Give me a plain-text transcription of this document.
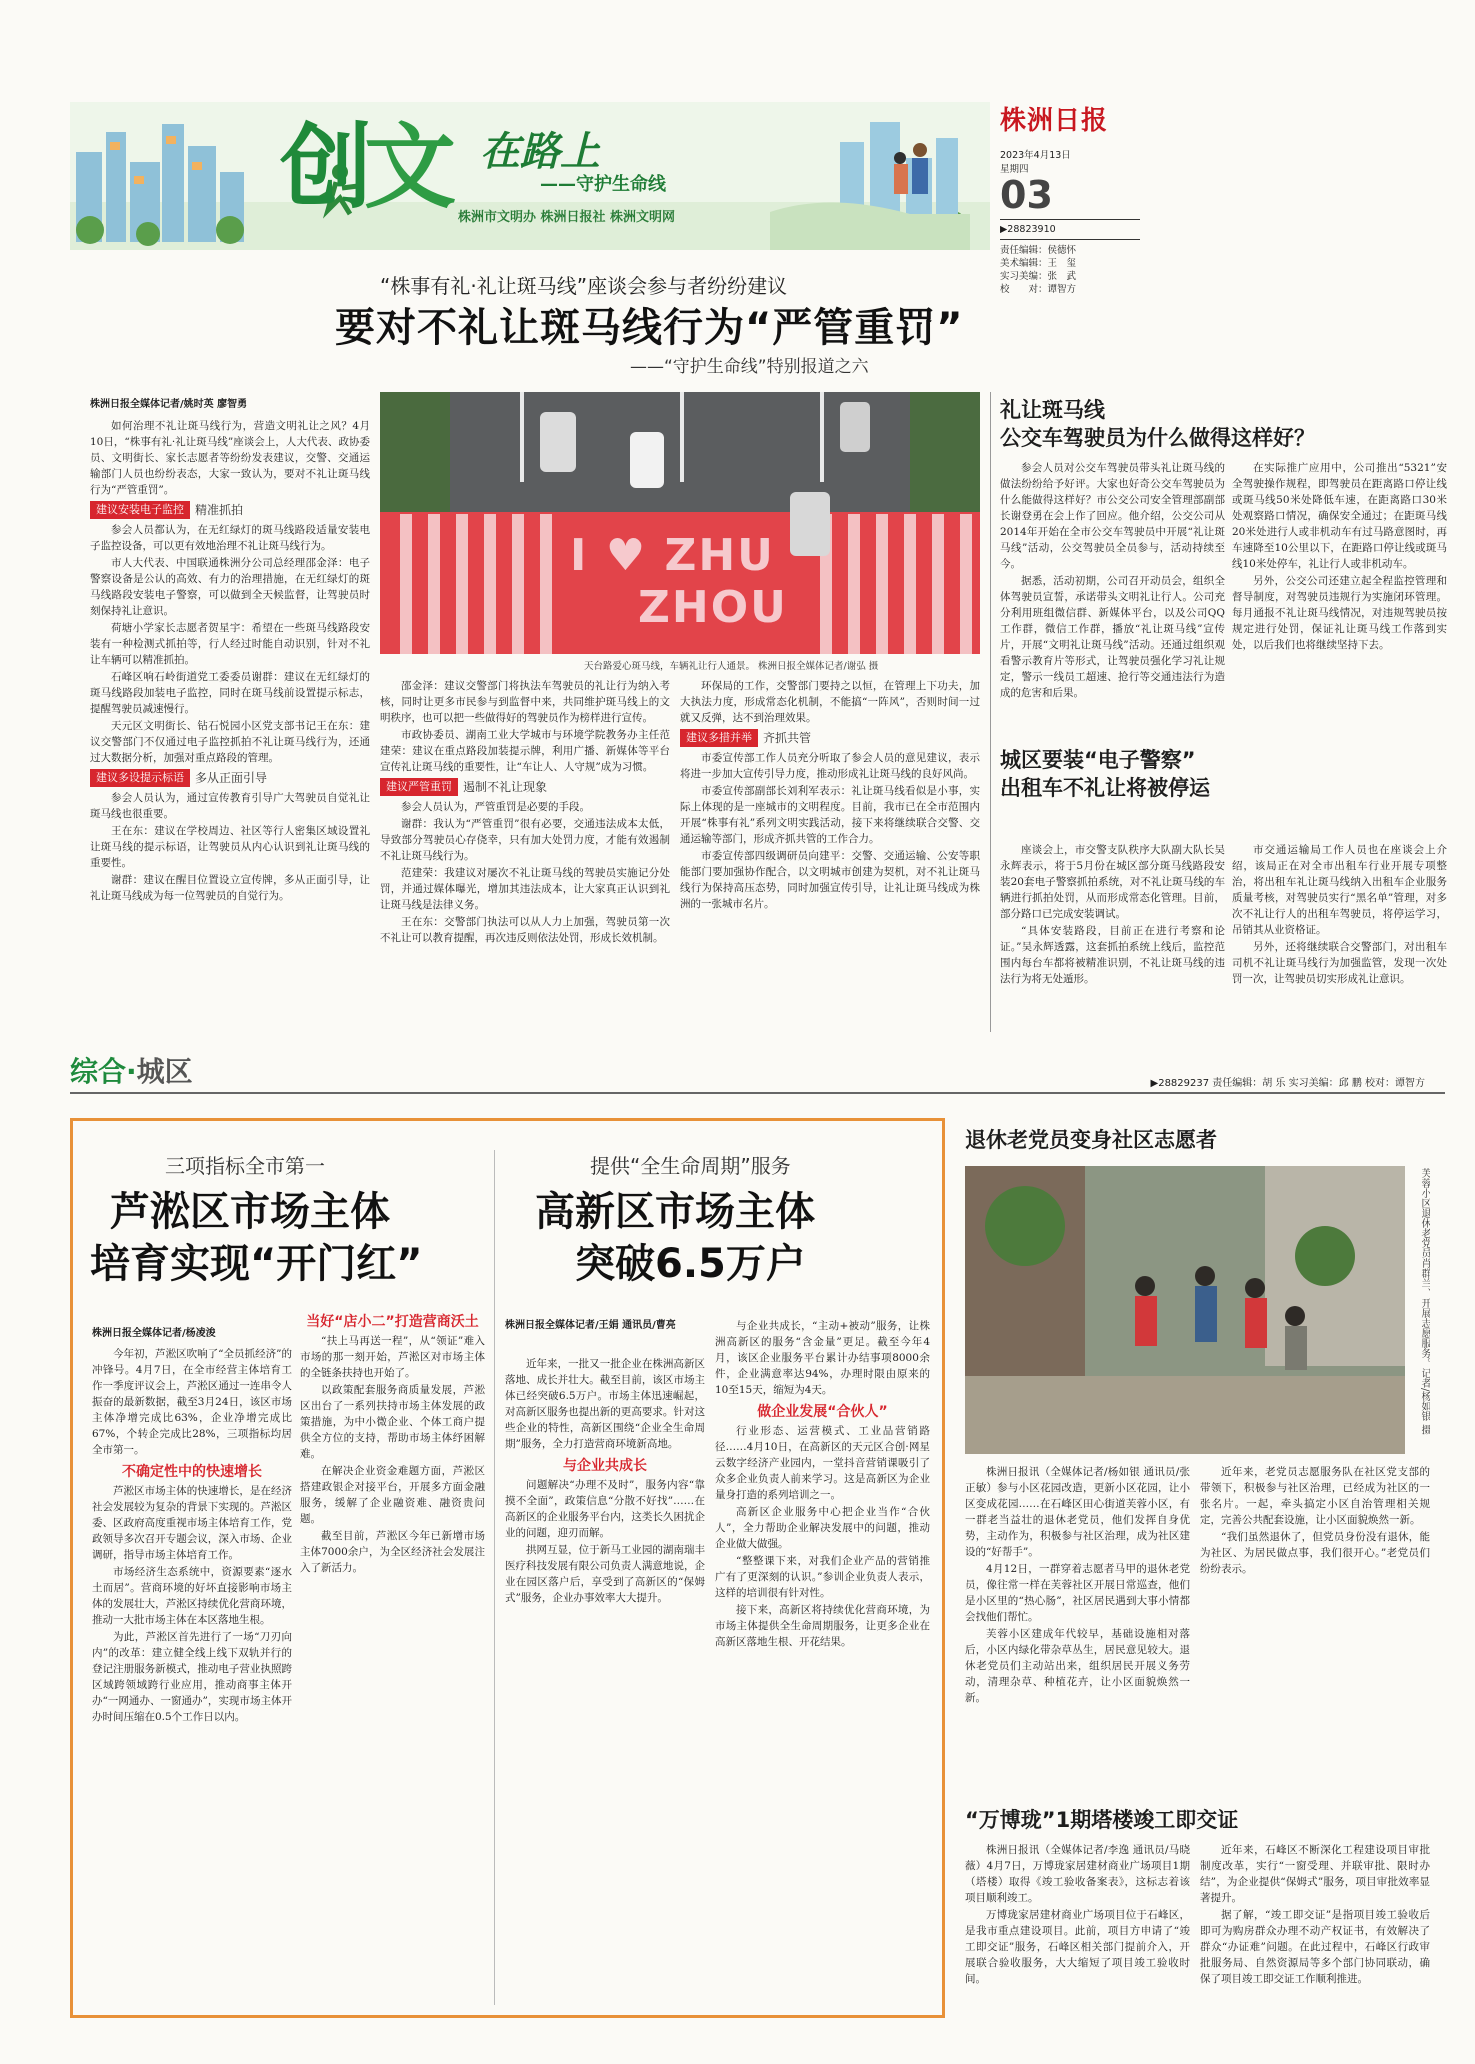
创文 在路上
——守护生命线
株洲市文明办 株洲日报社 株洲文明网
株洲日报
2023年4月13日
星期四
03
▶28823910
责任编辑：侯德怀
美术编辑：王　玺
实习美编：张　武
校　　对：谭智方
“株事有礼·礼让斑马线”座谈会参与者纷纷建议
要对不礼让斑马线行为“严管重罚”
——“守护生命线”特别报道之六
株洲日报全媒体记者/姚时英 廖智勇

如何治理不礼让斑马线行为，营造文明礼让之风？4月10日，“株事有礼·礼让斑马线”座谈会上，人大代表、政协委员、文明街长、家长志愿者等纷纷发表建议，交警、交通运输部门人员也纷纷表态，大家一致认为，要对不礼让斑马线行为“严管重罚”。

建议安装电子监控 精准抓拍

参会人员都认为，在无红绿灯的斑马线路段适量安装电子监控设备，可以更有效地治理不礼让斑马线行为。

市人大代表、中国联通株洲分公司总经理邵金泽：电子警察设备是公认的高效、有力的治理措施，在无红绿灯的斑马线路段安装电子警察，可以做到全天候监督，让驾驶员时刻保持礼让意识。

荷塘小学家长志愿者贺星宇：希望在一些斑马线路段安装有一种检测式抓拍等，行人经过时能自动识别，针对不礼让车辆可以精准抓拍。

石峰区响石岭街道党工委委员谢群：建议在无红绿灯的斑马线路段加装电子监控，同时在斑马线前设置提示标志，提醒驾驶员减速慢行。

天元区文明街长、钻石悦园小区党支部书记王在东：建议交警部门不仅通过电子监控抓拍不礼让斑马线行为，还通过大数据分析，加强对重点路段的管理。

建议多设提示标语 多从正面引导

参会人员认为，通过宣传教育引导广大驾驶员自觉礼让斑马线也很重要。

王在东：建议在学校周边、社区等行人密集区域设置礼让斑马线的提示标语，让驾驶员从内心认识到礼让斑马线的重要性。

谢群：建议在醒目位置设立宣传牌，多从正面引导，让礼让斑马线成为每一位驾驶员的自觉行为。

I ♥ ZHU
ZHOU
天台路爱心斑马线，车辆礼让行人通景。 株洲日报全媒体记者/谢弘 摄

邵金泽：建议交警部门将执法车驾驶员的礼让行为纳入考核，同时让更多市民参与到监督中来，共同维护斑马线上的文明秩序，也可以把一些做得好的驾驶员作为榜样进行宣传。

市政协委员、湖南工业大学城市与环境学院教务办主任范建荣：建议在重点路段加装提示牌，利用广播、新媒体等平台宣传礼让斑马线的重要性，让“车让人、人守规”成为习惯。

建议严管重罚 遏制不礼让现象

参会人员认为，严管重罚是必要的手段。

谢群：我认为“严管重罚”很有必要，交通违法成本太低，导致部分驾驶员心存侥幸，只有加大处罚力度，才能有效遏制不礼让斑马线行为。

范建荣：我建议对屡次不礼让斑马线的驾驶员实施记分处罚，并通过媒体曝光，增加其违法成本，让大家真正认识到礼让斑马线是法律义务。

王在东：交警部门执法可以从人力上加强，驾驶员第一次不礼让可以教育提醒，再次违反则依法处罚，形成长效机制。

环保局的工作，交警部门要持之以恒，在管理上下功夫，加大执法力度，形成常态化机制，不能搞“一阵风”，否则时间一过就又反弹，达不到治理效果。

建议多措并举 齐抓共管

市委宣传部工作人员充分听取了参会人员的意见建议，表示将进一步加大宣传引导力度，推动形成礼让斑马线的良好风尚。

市委宣传部副部长刘利军表示：礼让斑马线看似是小事，实际上体现的是一座城市的文明程度。目前，我市已在全市范围内开展“株事有礼”系列文明实践活动，接下来将继续联合交警、交通运输等部门，形成齐抓共管的工作合力。

市委宣传部四级调研员向建平：交警、交通运输、公安等职能部门要加强协作配合，以文明城市创建为契机，对不礼让斑马线行为保持高压态势，同时加强宣传引导，让礼让斑马线成为株洲的一张城市名片。

礼让斑马线
公交车驾驶员为什么做得这样好？

参会人员对公交车驾驶员带头礼让斑马线的做法纷纷给予好评。大家也好奇公交车驾驶员为什么能做得这样好？市公交公司安全管理部副部长谢登勇在会上作了回应。他介绍，公交公司从2014年开始在全市公交车驾驶员中开展“礼让斑马线”活动，公交驾驶员全员参与，活动持续至今。

据悉，活动初期，公司召开动员会，组织全体驾驶员宣誓，承诺带头文明礼让行人。公司充分利用班组微信群、新媒体平台，以及公司QQ工作群，微信工作群，播放“礼让斑马线”宣传片，开展“文明礼让斑马线”活动。还通过组织观看警示教育片等形式，让驾驶员强化学习礼让规定，警示一线员工超速、抢行等交通违法行为造成的危害和后果。

在实际推广应用中，公司推出“5321”安全驾驶操作规程，即驾驶员在距离路口停让线或斑马线50米处降低车速，在距离路口30米处观察路口情况，确保安全通过；在距斑马线20米处进行人或非机动车有过马路意图时，再车速降至10公里以下，在距路口停让线或斑马线10米处停车，礼让行人或非机动车。

另外，公交公司还建立起全程监控管理和督导制度，对驾驶员违规行为实施闭环管理。每月通报不礼让斑马线情况，对违规驾驶员按规定进行处罚，保证礼让斑马线工作落到实处，以后我们也将继续坚持下去。

城区要装“电子警察”
出租车不礼让将被停运

座谈会上，市交警支队秩序大队副大队长吴永辉表示，将于5月份在城区部分斑马线路段安装20套电子警察抓拍系统，对不礼让斑马线的车辆进行抓拍处罚，从而形成常态化管理。目前，部分路口已完成安装调试。

“具体安装路段，目前正在进行考察和论证。”吴永辉透露，这套抓拍系统上线后，监控范围内每台车都将被精准识别，不礼让斑马线的违法行为将无处遁形。

市交通运输局工作人员也在座谈会上介绍，该局正在对全市出租车行业开展专项整治，将出租车礼让斑马线纳入出租车企业服务质量考核，对驾驶员实行“黑名单”管理，对多次不礼让行人的出租车驾驶员，将停运学习，吊销其从业资格证。

另外，还将继续联合交警部门，对出租车司机不礼让斑马线行为加强监管，发现一次处罚一次，让驾驶员切实形成礼让意识。

综合·城区	▶28829237 责任编辑：胡 乐 实习美编：邱 鹏 校对：谭智方
三项指标全市第一
芦淞区市场主体
培育实现“开门红”
株洲日报全媒体记者/杨凌浚

今年初，芦淞区吹响了“全员抓经济”的冲锋号。4月7日，在全市经营主体培育工作一季度评议会上，芦淞区通过一连串令人振奋的最新数据，截至3月24日，该区市场主体净增完成比63%，企业净增完成比67%，个转企完成比28%，三项指标均居全市第一。

不确定性中的快速增长

芦淞区市场主体的快速增长，是在经济社会发展较为复杂的背景下实现的。芦淞区委、区政府高度重视市场主体培育工作，党政领导多次召开专题会议，深入市场、企业调研，指导市场主体培育工作。

市场经济生态系统中，资源要素“逐水土而居”。营商环境的好坏直接影响市场主体的发展壮大，芦淞区持续优化营商环境，推动一大批市场主体在本区落地生根。

为此，芦淞区首先进行了一场“刀刃向内”的改革：建立健全线上线下双轨并行的登记注册服务新模式，推动电子营业执照跨区域跨领域跨行业应用，推动商事主体开办“一网通办、一窗通办”，实现市场主体开办时间压缩在0.5个工作日以内。

当好“店小二”打造营商沃土

“扶上马再送一程”，从“领证”难入市场的那一刻开始，芦淞区对市场主体的全链条扶持也开始了。

以政策配套服务商质量发展，芦淞区出台了一系列扶持市场主体发展的政策措施，为中小微企业、个体工商户提供全方位的支持，帮助市场主体纾困解难。

在解决企业资金难题方面，芦淞区搭建政银企对接平台，开展多方面金融服务，缓解了企业融资难、融资贵问题。

截至目前，芦淞区今年已新增市场主体7000余户，为全区经济社会发展注入了新活力。

提供“全生命周期”服务
高新区市场主体
突破6.5万户
株洲日报全媒体记者/王娟 通讯员/曹亮

近年来，一批又一批企业在株洲高新区落地、成长并壮大。截至目前，该区市场主体已经突破6.5万户。市场主体迅速崛起，对高新区服务也提出新的更高要求。针对这些企业的特性，高新区围绕“企业全生命周期”服务，全力打造营商环境新高地。

与企业共成长

问题解决“办理不及时”，服务内容“靠摸不全面”，政策信息“分散不好找”……在高新区的企业服务平台内，这类长久困扰企业的问题，迎刃而解。

拱网互显，位于新马工业园的湖南瑞丰医疗科技发展有限公司负责人满意地说，企业在园区落户后，享受到了高新区的“保姆式”服务，企业办事效率大大提升。

与企业共成长，“主动+被动”服务，让株洲高新区的服务“含金量”更足。截至今年4月，该区企业服务平台累计办结事项8000余件，企业满意率达94%，办理时限由原来的10至15天，缩短为4天。

做企业发展“合伙人”

行业形态、运营模式、工业品营销路径……4月10日，在高新区的天元区合创·网星云数字经济产业园内，一堂抖音营销课吸引了众多企业负责人前来学习。这是高新区为企业量身打造的系列培训之一。

高新区企业服务中心把企业当作“合伙人”，全力帮助企业解决发展中的问题，推动企业做大做强。

“整整课下来，对我们企业产品的营销推广有了更深刻的认识。”参训企业负责人表示，这样的培训很有针对性。

接下来，高新区将持续优化营商环境，为市场主体提供全生命周期服务，让更多企业在高新区落地生根、开花结果。

退休老党员变身社区志愿者
芙蓉小区退休老党员肖群兰、开展志愿服务。记者/杨如银 摄

株洲日报讯（全媒体记者/杨如银 通讯员/张正敏）参与小区花园改造，更新小区花园，让小区变成花园……在石峰区田心街道芙蓉小区，有一群老当益壮的退休老党员，他们发挥自身优势，主动作为，积极参与社区治理，成为社区建设的“好帮手”。

4月12日，一群穿着志愿者马甲的退休老党员，像往常一样在芙蓉社区开展日常巡查，他们是小区里的“热心肠”，社区居民遇到大事小情都会找他们帮忙。

芙蓉小区建成年代较早，基础设施相对落后，小区内绿化带杂草丛生，居民意见较大。退休老党员们主动站出来，组织居民开展义务劳动，清理杂草、种植花卉，让小区面貌焕然一新。

近年来，老党员志愿服务队在社区党支部的带领下，积极参与社区治理，已经成为社区的一张名片。一起，牵头搞定小区自治管理相关规定，完善公共配套设施，让小区面貌焕然一新。

“我们虽然退休了，但党员身份没有退休，能为社区、为居民做点事，我们很开心。”老党员们纷纷表示。

“万博珑”1期塔楼竣工即交证

株洲日报讯（全媒体记者/李逸 通讯员/马晓薇）4月7日，万博珑家居建材商业广场项目1期（塔楼）取得《竣工验收备案表》，这标志着该项目顺利竣工。

万博珑家居建材商业广场项目位于石峰区，是我市重点建设项目。此前，项目方申请了“竣工即交证”服务，石峰区相关部门提前介入，开展联合验收服务，大大缩短了项目竣工验收时间。

近年来，石峰区不断深化工程建设项目审批制度改革，实行“一窗受理、并联审批、限时办结”，为企业提供“保姆式”服务，项目审批效率显著提升。

据了解，“竣工即交证”是指项目竣工验收后即可为购房群众办理不动产权证书，有效解决了群众“办证难”问题。在此过程中，石峰区行政审批服务局、自然资源局等多个部门协同联动，确保了项目竣工即交证工作顺利推进。
